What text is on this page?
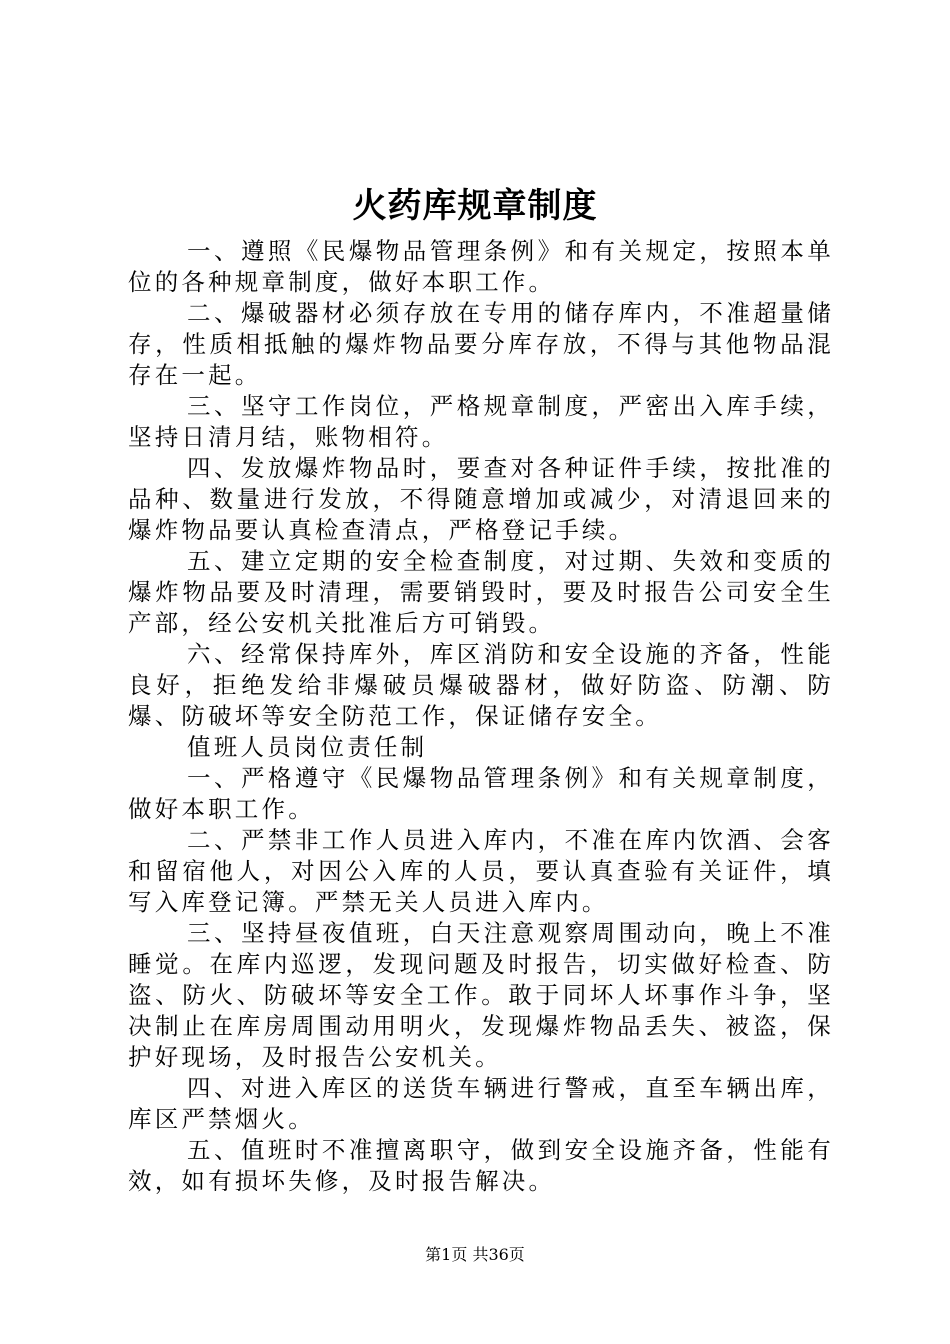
火药库规章制度

一、遵照《民爆物品管理条例》和有关规定，按照本单位的各种规章制度，做好本职工作。

二、爆破器材必须存放在专用的储存库内，不准超量储存，性质相抵触的爆炸物品要分库存放，不得与其他物品混存在一起。

三、坚守工作岗位，严格规章制度，严密出入库手续，坚持日清月结，账物相符。

四、发放爆炸物品时，要查对各种证件手续，按批准的品种、数量进行发放，不得随意增加或减少，对清退回来的爆炸物品要认真检查清点，严格登记手续。

五、建立定期的安全检查制度，对过期、失效和变质的爆炸物品要及时清理，需要销毁时，要及时报告公司安全生产部，经公安机关批准后方可销毁。

六、经常保持库外，库区消防和安全设施的齐备，性能良好，拒绝发给非爆破员爆破器材，做好防盗、防潮、防爆、防破坏等安全防范工作，保证储存安全。

值班人员岗位责任制

一、严格遵守《民爆物品管理条例》和有关规章制度，做好本职工作。

二、严禁非工作人员进入库内，不准在库内饮酒、会客和留宿他人，对因公入库的人员，要认真查验有关证件，填写入库登记簿。严禁无关人员进入库内。

三、坚持昼夜值班，白天注意观察周围动向，晚上不准睡觉。在库内巡逻，发现问题及时报告，切实做好检查、防盗、防火、防破坏等安全工作。敢于同坏人坏事作斗争，坚决制止在库房周围动用明火，发现爆炸物品丢失、被盗，保护好现场，及时报告公安机关。

四、对进入库区的送货车辆进行警戒，直至车辆出库，库区严禁烟火。

五、值班时不准擅离职守，做到安全设施齐备，性能有效，如有损坏失修，及时报告解决。

第1页 共36页
